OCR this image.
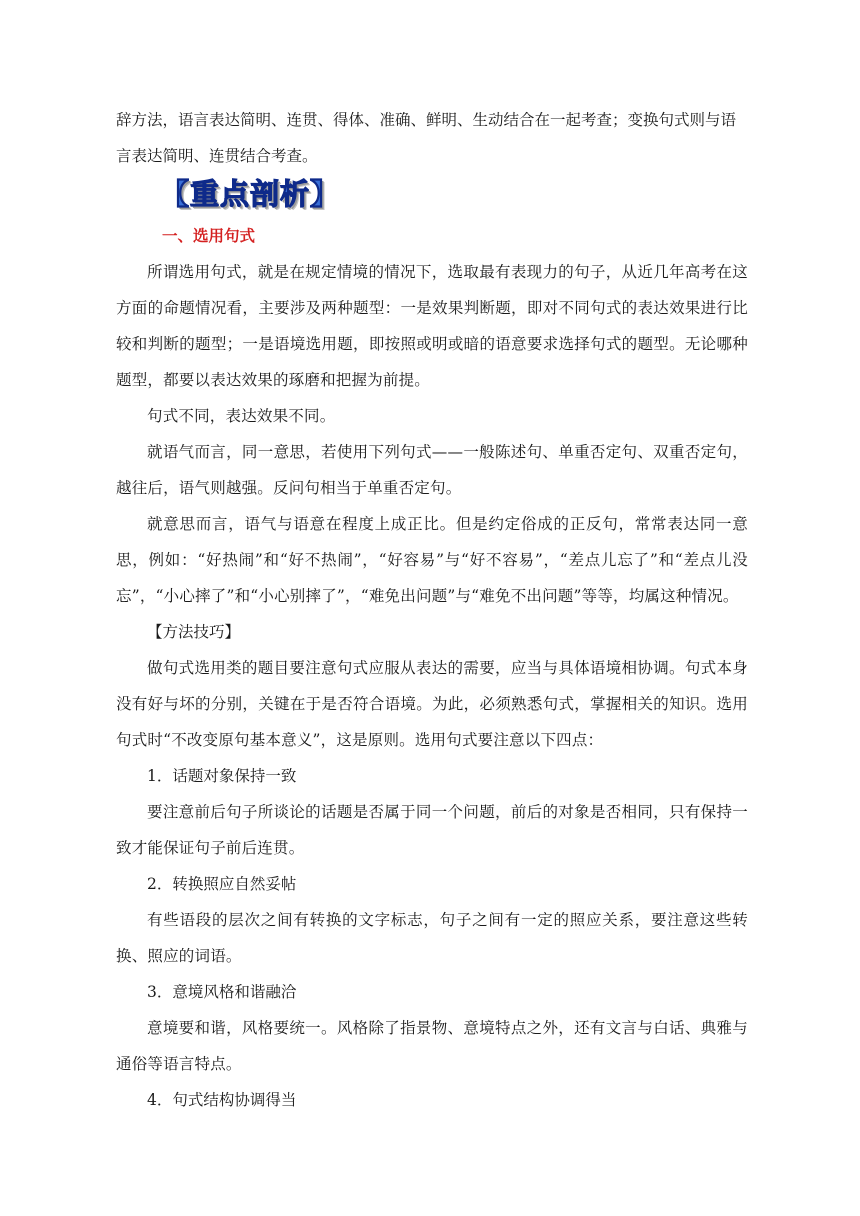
辞方法，语言表达简明、连贯、得体、准确、鲜明、生动结合在一起考查；变换句式则与语
言表达简明、连贯结合考查。
【重点剖析】
一、选用句式
所谓选用句式，就是在规定情境的情况下，选取最有表现力的句子，从近几年高考在这方面的命题情况看，主要涉及两种题型：一是效果判断题，即对不同句式的表达效果进行比较和判断的题型；一是语境选用题，即按照或明或暗的语意要求选择句式的题型。无论哪种题型，都要以表达效果的琢磨和把握为前提。
句式不同，表达效果不同。
就语气而言，同一意思，若使用下列句式——一般陈述句、单重否定句、双重否定句，越往后，语气则越强。反问句相当于单重否定句。
就意思而言，语气与语意在程度上成正比。但是约定俗成的正反句，常常表达同一意思，例如：“好热闹”和“好不热闹”，“好容易”与“好不容易”，“差点儿忘了”和“差点儿没忘”，“小心摔了”和“小心别摔了”，“难免出问题”与“难免不出问题”等等，均属这种情况。
【方法技巧】
做句式选用类的题目要注意句式应服从表达的需要，应当与具体语境相协调。句式本身没有好与坏的分别，关键在于是否符合语境。为此，必须熟悉句式，掌握相关的知识。选用句式时“不改变原句基本意义”，这是原则。选用句式要注意以下四点：
1．话题对象保持一致
要注意前后句子所谈论的话题是否属于同一个问题，前后的对象是否相同，只有保持一致才能保证句子前后连贯。
2．转换照应自然妥帖
有些语段的层次之间有转换的文字标志，句子之间有一定的照应关系，要注意这些转换、照应的词语。
3．意境风格和谐融洽
意境要和谐，风格要统一。风格除了指景物、意境特点之外，还有文言与白话、典雅与通俗等语言特点。
4．句式结构协调得当
